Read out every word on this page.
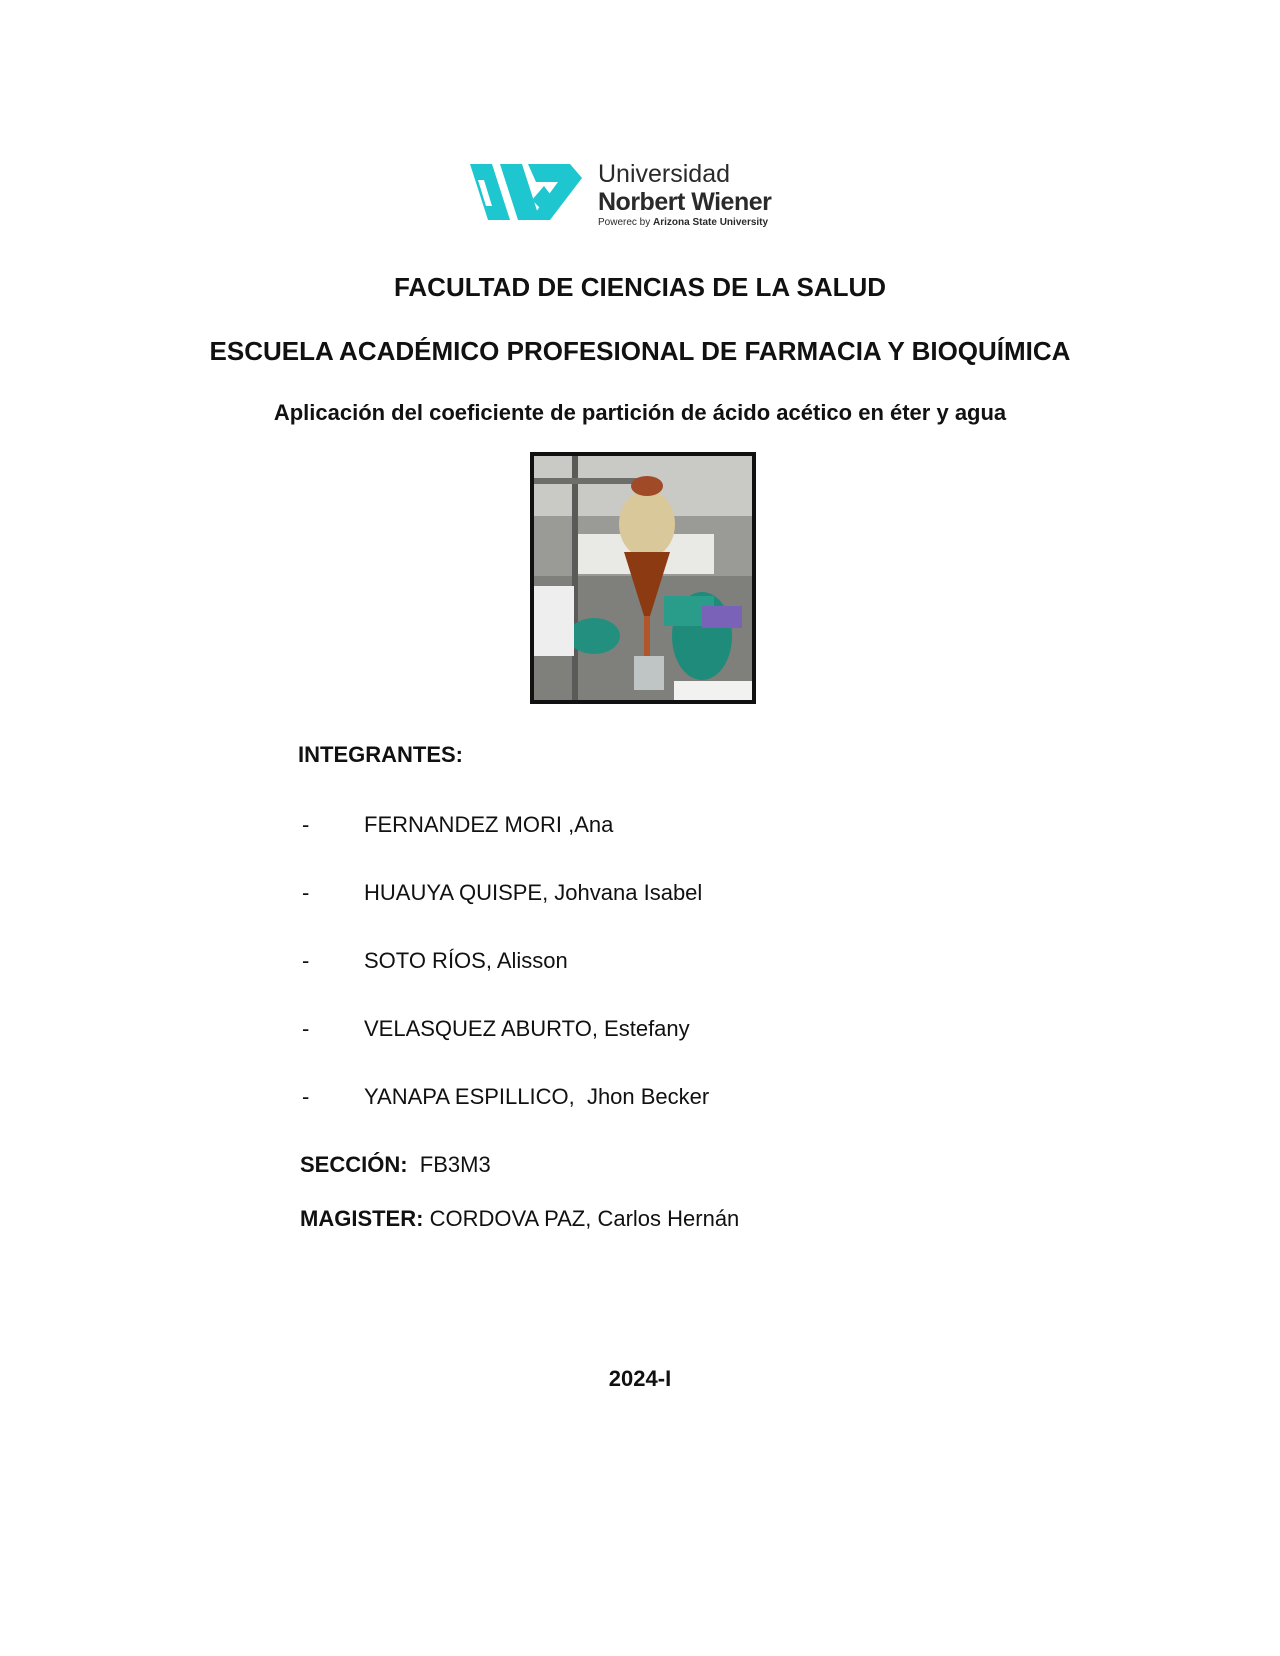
Universidad
Norbert Wiener
Powerec by Arizona State University
FACULTAD DE CIENCIAS DE LA SALUD
ESCUELA ACADÉMICO PROFESIONAL DE FARMACIA Y BIOQUÍMICA
Aplicación del coeficiente de partición de ácido acético en éter y agua
INTEGRANTES:
- FERNANDEZ MORI ,Ana
- HUAUYA QUISPE, Johvana Isabel
- SOTO RÍOS, Alisson
- VELASQUEZ ABURTO, Estefany
- YANAPA ESPILLICO,  Jhon Becker
SECCIÓN: FB3M3
MAGISTER: CORDOVA PAZ, Carlos Hernán
2024-I
